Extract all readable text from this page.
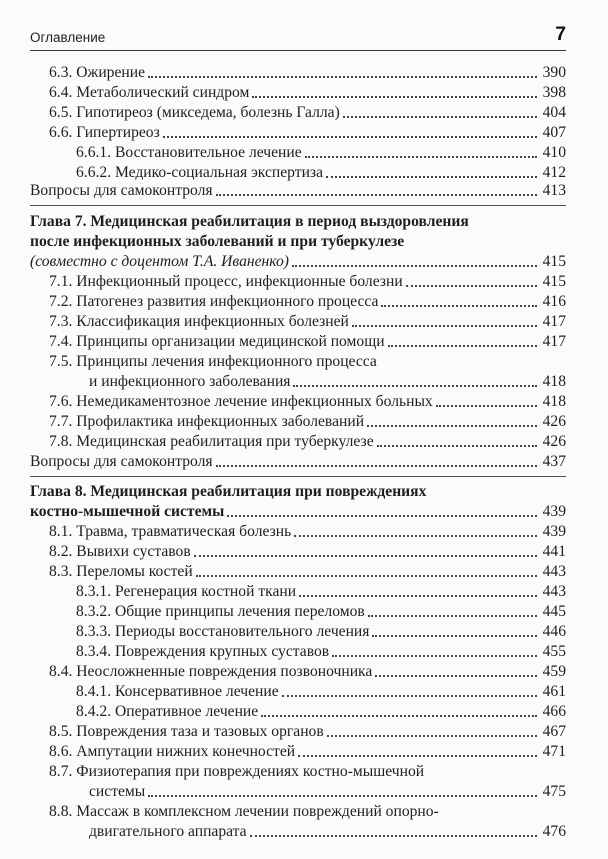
Оглавление	7
6.3. Ожирение	390
6.4. Метаболический синдром	398
6.5. Гипотиреоз (микседема, болезнь Галла)	404
6.6. Гипертиреоз	407
6.6.1. Восстановительное лечение	410
6.6.2. Медико-социальная экспертиза	412
Вопросы для самоконтроля	413
Глава 7. Медицинская реабилитация в период выздоровления
после инфекционных заболеваний и при туберкулезе
(совместно с доцентом Т.А. Иваненко)	415
7.1. Инфекционный процесс, инфекционные болезни	415
7.2. Патогенез развития инфекционного процесса	416
7.3. Классификация инфекционных болезней	417
7.4. Принципы организации медицинской помощи	417
7.5. Принципы лечения инфекционного процесса
и инфекционного заболевания	418
7.6. Немедикаментозное лечение инфекционных больных	418
7.7. Профилактика инфекционных заболеваний	426
7.8. Медицинская реабилитация при туберкулезе	426
Вопросы для самоконтроля	437
Глава 8. Медицинская реабилитация при повреждениях
костно-мышечной системы	439
8.1. Травма, травматическая болезнь	439
8.2. Вывихи суставов	441
8.3. Переломы костей	443
8.3.1. Регенерация костной ткани	443
8.3.2. Общие принципы лечения переломов	445
8.3.3. Периоды восстановительного лечения	446
8.3.4. Повреждения крупных суставов	455
8.4. Неосложненные повреждения позвоночника	459
8.4.1. Консервативное лечение	461
8.4.2. Оперативное лечение	466
8.5. Повреждения таза и тазовых органов	467
8.6. Ампутации нижних конечностей	471
8.7. Физиотерапия при повреждениях костно-мышечной
системы	475
8.8. Массаж в комплексном лечении повреждений опорно-
двигательного аппарата	476
